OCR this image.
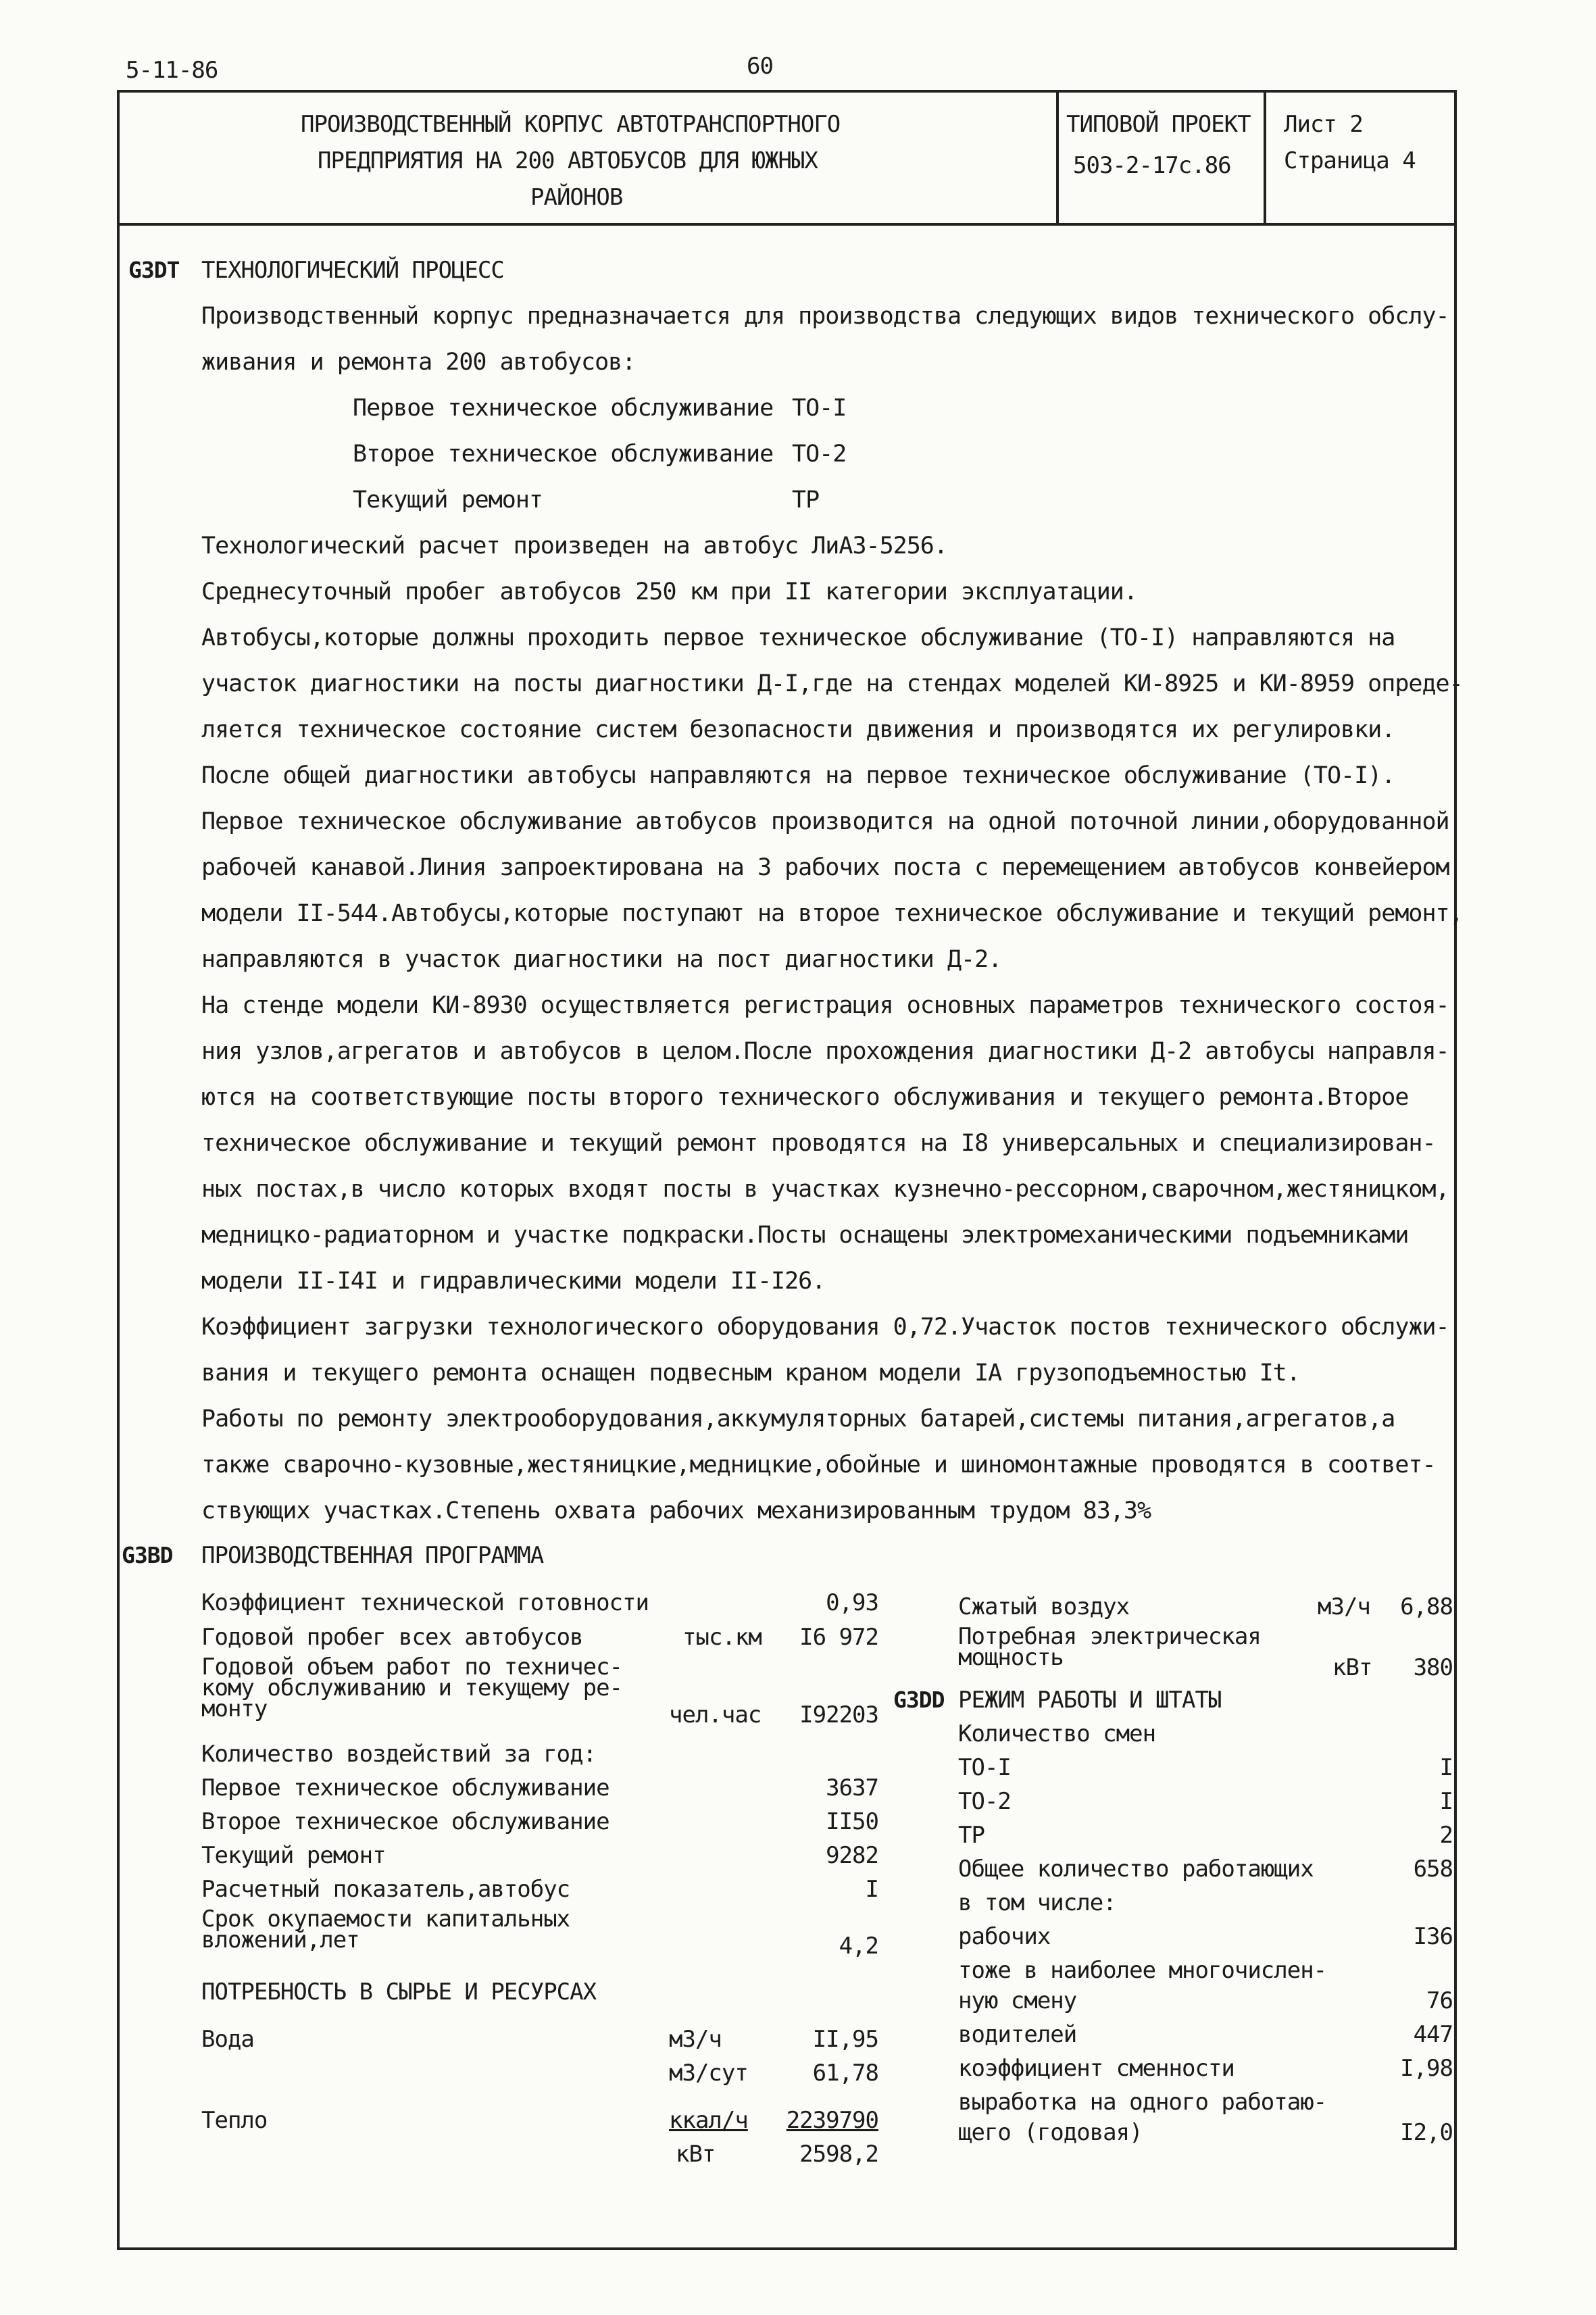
5-11-86	60
ПРОИЗВОДСТВЕННЫЙ КОРПУС АВТОТРАНСПОРТНОГО
ПРЕДПРИЯТИЯ НА 200 АВТОБУСОВ ДЛЯ ЮЖНЫХ
РАЙОНОВ
ТИПОВОЙ ПРОЕКТ
503-2-17с.86
Лист 2
Страница 4
G3DT ТЕХНОЛОГИЧЕСКИЙ ПРОЦЕСС
Производственный корпус предназначается для производства следующих видов технического обслу-
живания и ремонта 200 автобусов:
Первое техническое обслуживание ТО-I
Второе техническое обслуживание ТО-2
Текущий ремонт	ТР
Технологический расчет произведен на автобус ЛиАЗ-5256.
Среднесуточный пробег автобусов 250 км при II категории эксплуатации.
Автобусы,которые должны проходить первое техническое обслуживание (ТО-I) направляются на
участок диагностики на посты диагностики Д-I,где на стендах моделей КИ-8925 и КИ-8959 опреде-
ляется техническое состояние систем безопасности движения и производятся их регулировки.
После общей диагностики автобусы направляются на первое техническое обслуживание (ТО-I).
Первое техническое обслуживание автобусов производится на одной поточной линии,оборудованной
рабочей канавой.Линия запроектирована на 3 рабочих поста с перемещением автобусов конвейером
модели II-544.Автобусы,которые поступают на второе техническое обслуживание и текущий ремонт,
направляются в участок диагностики на пост диагностики Д-2.
На стенде модели КИ-8930 осуществляется регистрация основных параметров технического состоя-
ния узлов,агрегатов и автобусов в целом.После прохождения диагностики Д-2 автобусы направля-
ются на соответствующие посты второго технического обслуживания и текущего ремонта.Второе
техническое обслуживание и текущий ремонт проводятся на I8 универсальных и специализирован-
ных постах,в число которых входят посты в участках кузнечно-рессорном,сварочном,жестяницком,
медницко-радиаторном и участке подкраски.Посты оснащены электромеханическими подъемниками
модели II-I4I и гидравлическими модели II-I26.
Коэффициент загрузки технологического оборудования 0,72.Участок постов технического обслужи-
вания и текущего ремонта оснащен подвесным краном модели IA грузоподъемностью It.
Работы по ремонту электрооборудования,аккумуляторных батарей,системы питания,агрегатов,а
также сварочно-кузовные,жестяницкие,медницкие,обойные и шиномонтажные проводятся в соответ-
ствующих участках.Степень охвата рабочих механизированным трудом 83,3%
G3BD ПРОИЗВОДСТВЕННАЯ ПРОГРАММА
Коэффициент технической готовности	0,93
Годовой пробег всех автобусов	тыс.км	I6 972
Годовой объем работ по техничес-
кому обслуживанию и текущему ре-
монту	чел.час	I92203
Количество воздействий за год:
Первое техническое обслуживание	3637
Второе техническое обслуживание	II50
Текущий ремонт	9282
Расчетный показатель,автобус	I
Срок окупаемости капитальных
вложений,лет	4,2
ПОТРЕБНОСТЬ В СЫРЬЕ И РЕСУРСАХ
Вода	м3/ч	II,95
м3/сут	61,78
Тепло	ккал/ч	2239790
кВт	2598,2
Сжатый воздух	м3/ч	6,88
Потребная электрическая
мощность	кВт	380
G3DD РЕЖИМ РАБОТЫ И ШТАТЫ
Количество смен
ТО-I	I
ТО-2	I
ТР	2
Общее количество работающих	658
в том числе:
рабочих	I36
тоже в наиболее многочислен-
ную смену	76
водителей	447
коэффициент сменности	I,98
выработка на одного работаю-
щего (годовая)	I2,0
